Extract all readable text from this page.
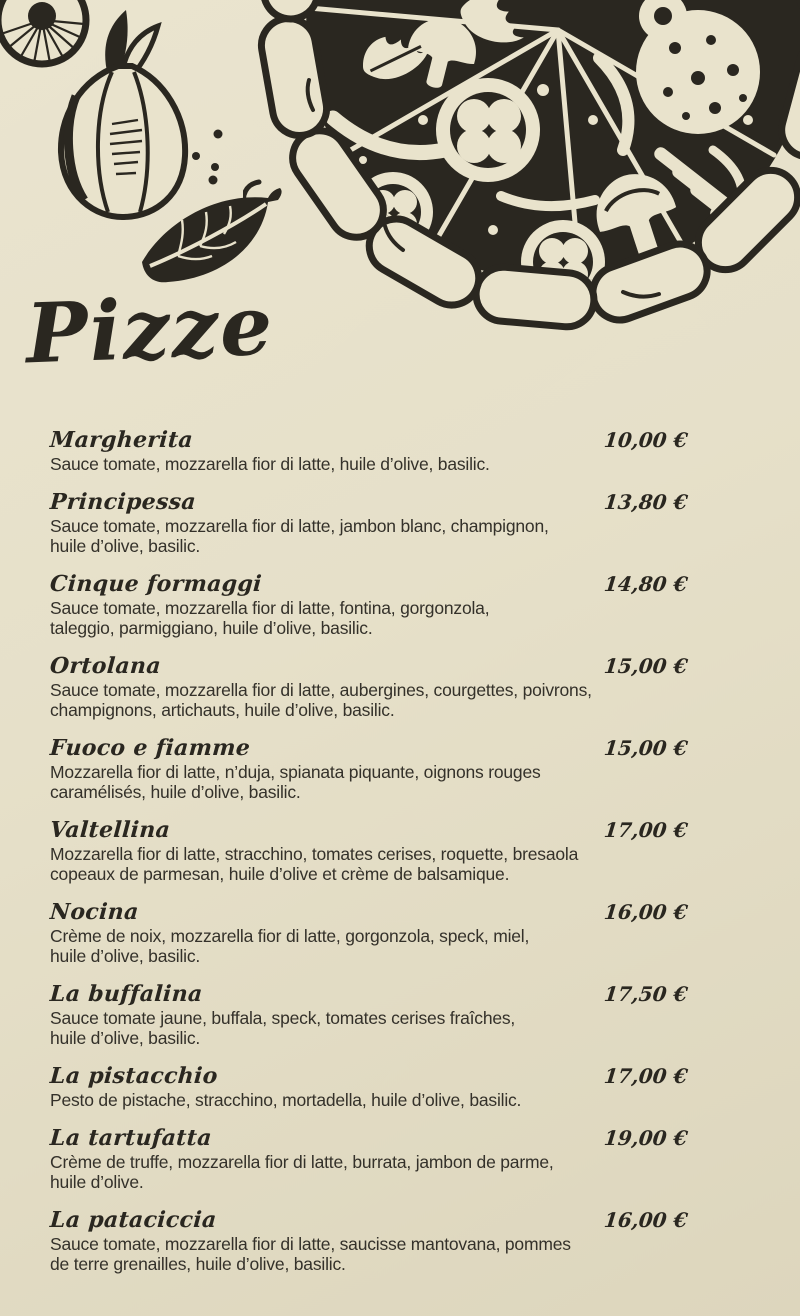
Pizze
Margherita	10,00 €

Sauce tomate, mozzarella fior di latte, huile d’olive, basilic.

Principessa	13,80 €

Sauce tomate, mozzarella fior di latte, jambon blanc, champignon,
huile d’olive, basilic.

Cinque formaggi	14,80 €

Sauce tomate, mozzarella fior di latte, fontina, gorgonzola,
taleggio, parmiggiano, huile d’olive, basilic.

Ortolana	15,00 €

Sauce tomate, mozzarella fior di latte, aubergines, courgettes, poivrons,
champignons, artichauts, huile d’olive, basilic.

Fuoco e fiamme	15,00 €

Mozzarella fior di latte, n’duja, spianata piquante, oignons rouges
caramélisés, huile d’olive, basilic.

Valtellina	17,00 €

Mozzarella fior di latte, stracchino, tomates cerises, roquette, bresaola
copeaux de parmesan, huile d’olive et crème de balsamique.

Nocina	16,00 €

Crème de noix, mozzarella fior di latte, gorgonzola, speck, miel,
huile d’olive, basilic.

La buffalina	17,50 €

Sauce tomate jaune, buffala, speck, tomates cerises fraîches,
huile d’olive, basilic.

La pistacchio	17,00 €

Pesto de pistache, stracchino, mortadella, huile d’olive, basilic.

La tartufatta	19,00 €

Crème de truffe, mozzarella fior di latte, burrata, jambon de parme,
huile d’olive.

La pataciccia	16,00 €

Sauce tomate, mozzarella fior di latte, saucisse mantovana, pommes
de terre grenailles, huile d’olive, basilic.
